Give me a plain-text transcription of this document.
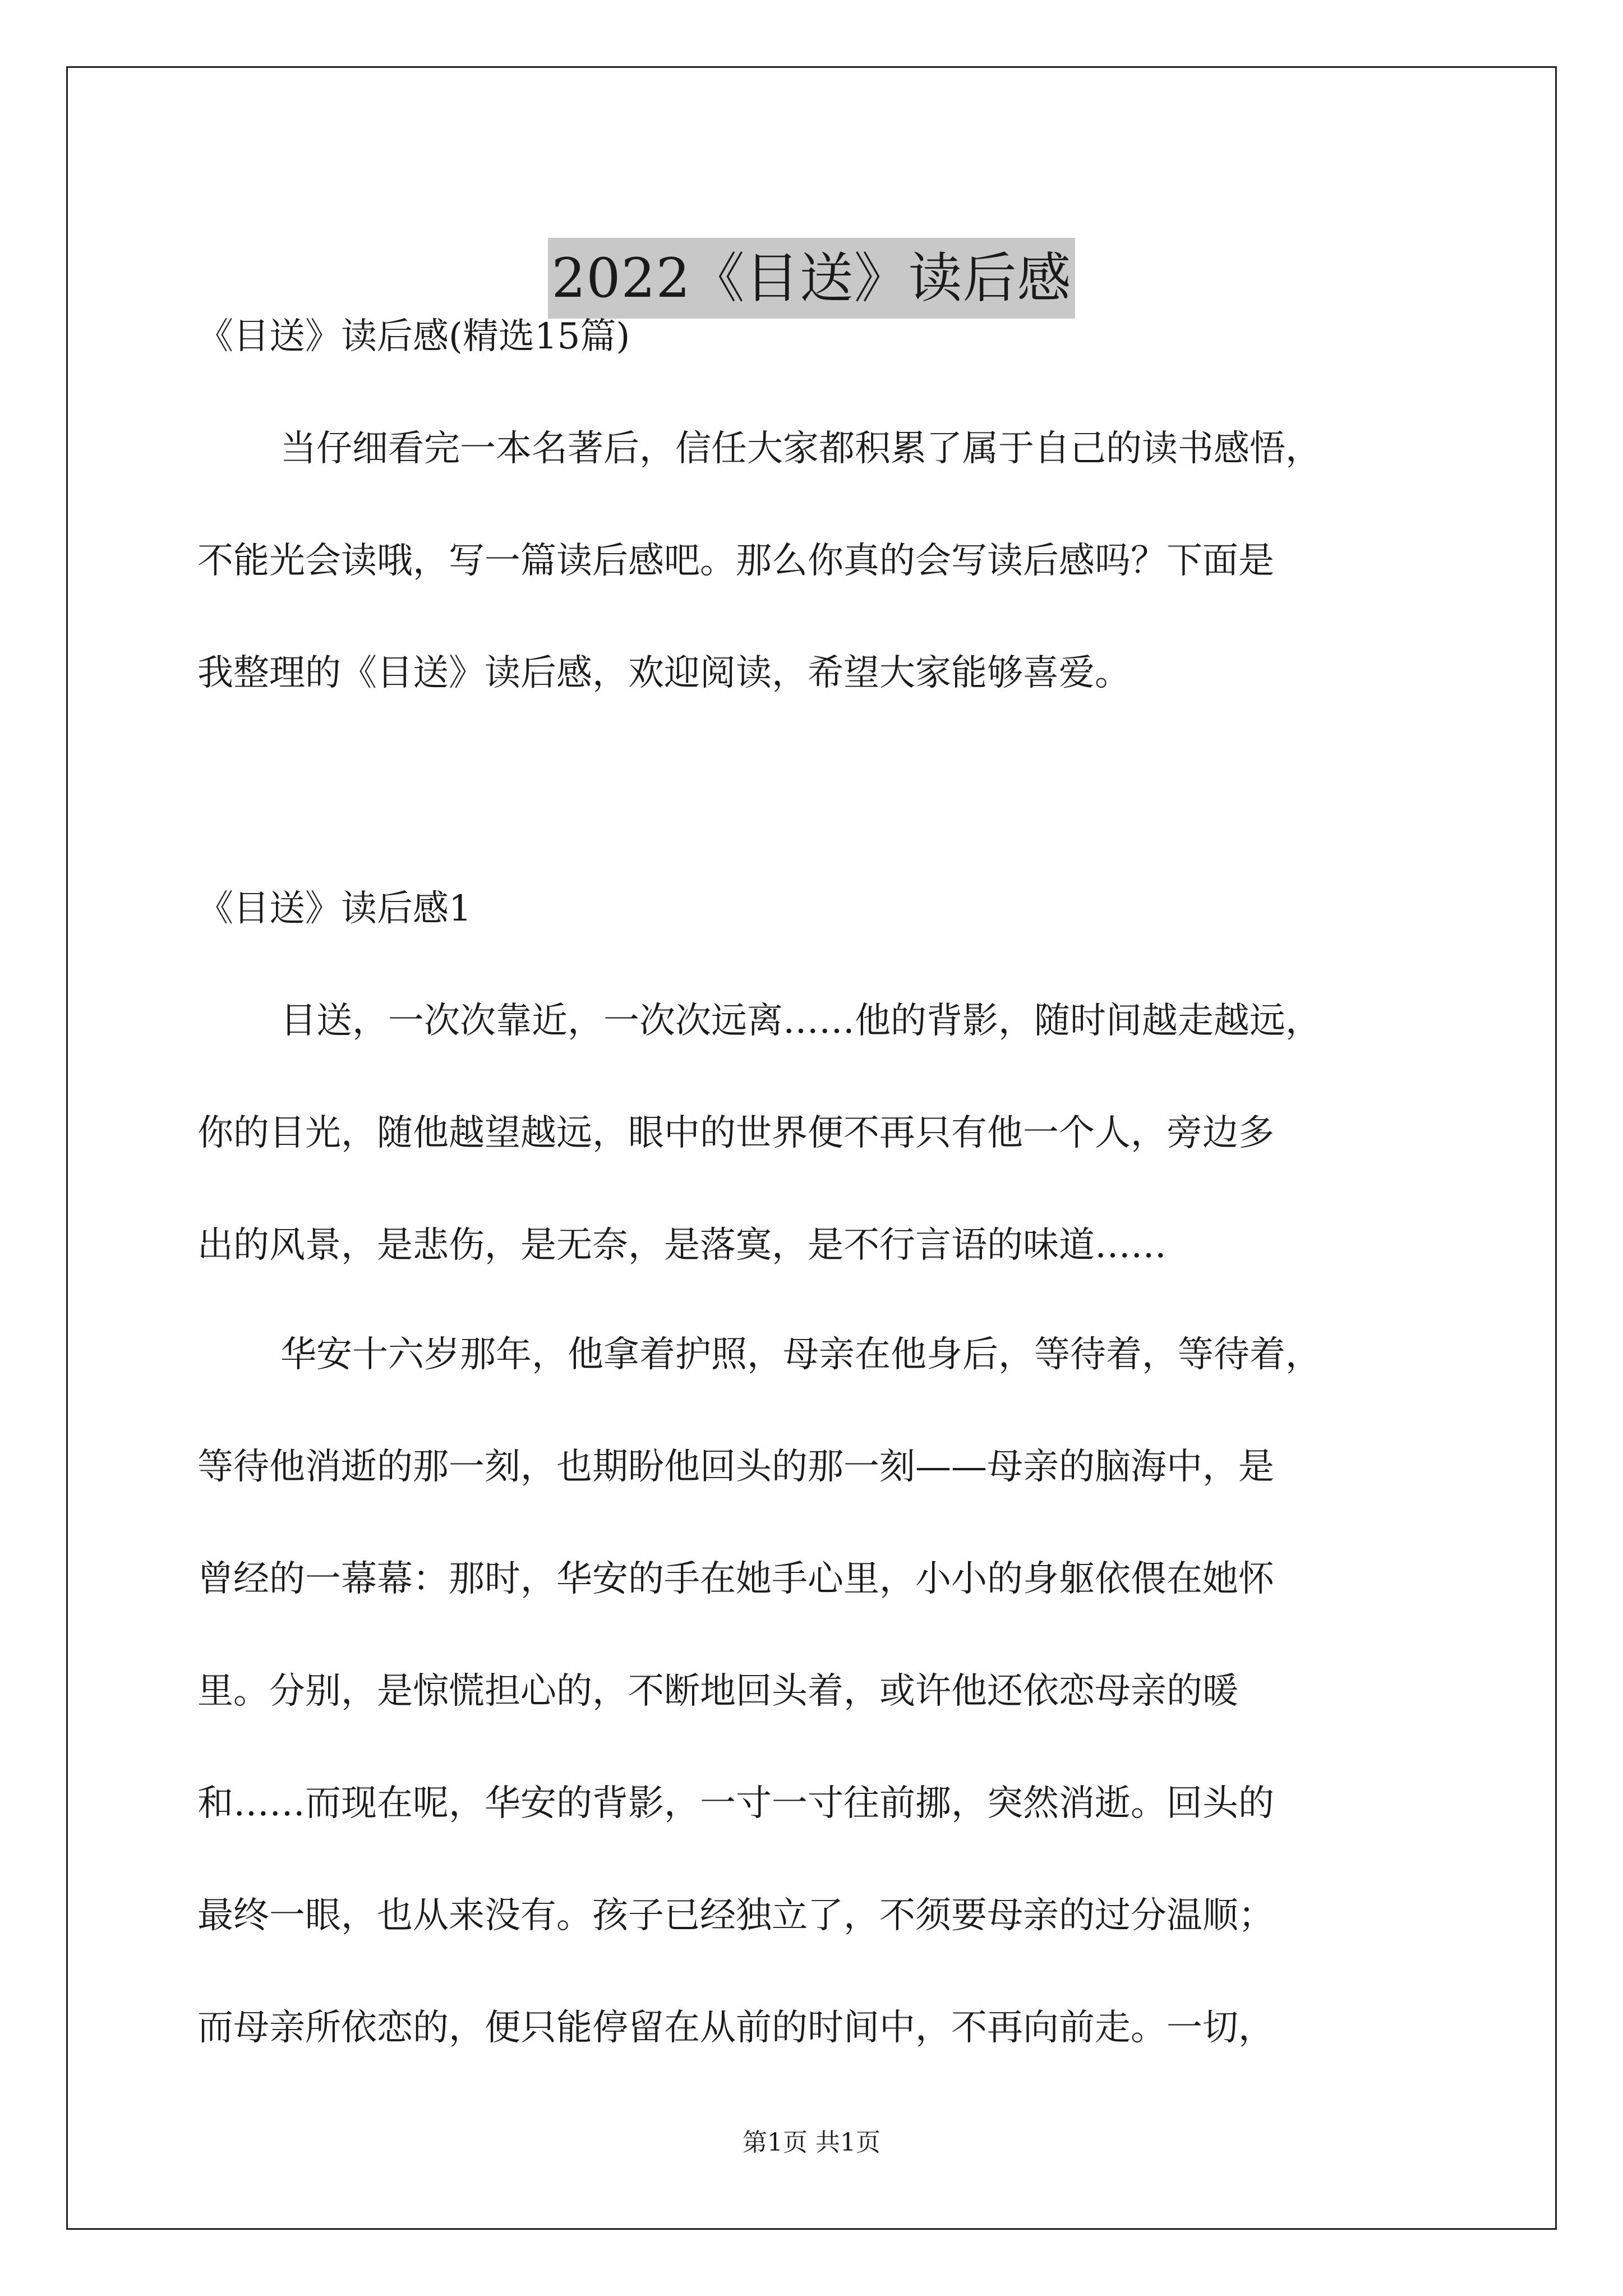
2022《目送》读后感

《目送》读后感(精选15篇)

当仔细看完一本名著后，信任大家都积累了属于自己的读书感悟，

不能光会读哦，写一篇读后感吧。那么你真的会写读后感吗？下面是

我整理的《目送》读后感，欢迎阅读，希望大家能够喜爱。

《目送》读后感1

目送，一次次靠近，一次次远离……他的背影，随时间越走越远，

你的目光，随他越望越远，眼中的世界便不再只有他一个人，旁边多

出的风景，是悲伤，是无奈，是落寞，是不行言语的味道……

华安十六岁那年，他拿着护照，母亲在他身后，等待着，等待着，

等待他消逝的那一刻，也期盼他回头的那一刻——母亲的脑海中，是

曾经的一幕幕：那时，华安的手在她手心里，小小的身躯依偎在她怀

里。分别，是惊慌担心的，不断地回头着，或许他还依恋母亲的暖

和……而现在呢，华安的背影，一寸一寸往前挪，突然消逝。回头的

最终一眼，也从来没有。孩子已经独立了，不须要母亲的过分温顺；

而母亲所依恋的，便只能停留在从前的时间中，不再向前走。一切，

第1页 共1页
